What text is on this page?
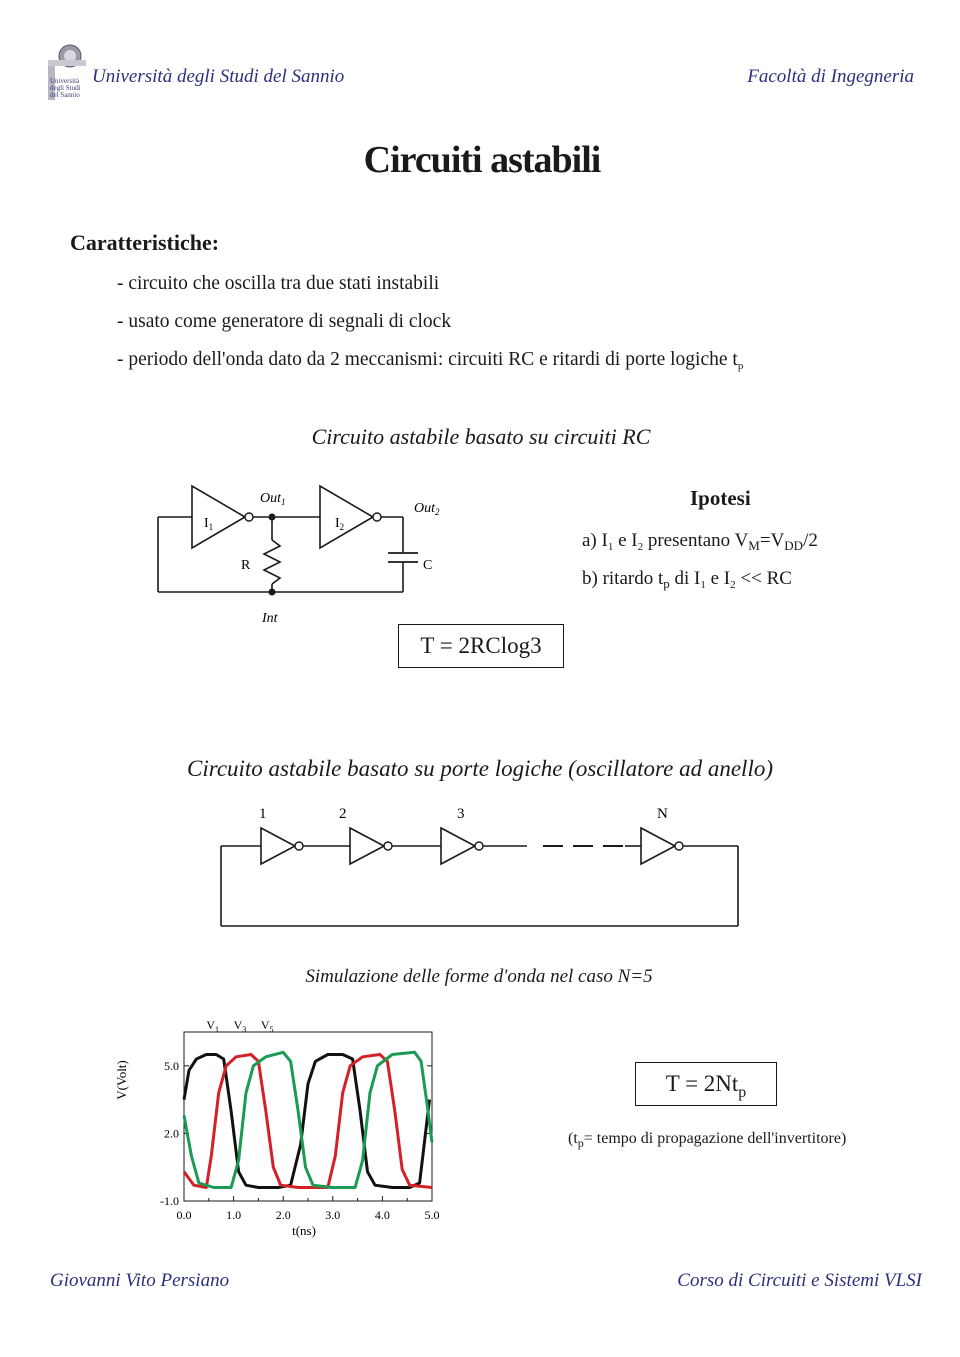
Università
degli Studi
del Sannio
Università degli Studi del Sannio	Facoltà di Ingegneria
Circuiti astabili
Caratteristiche:
- circuito che oscilla tra due stati instabili
- usato come generatore di segnali di clock
- periodo dell'onda dato da 2 meccanismi: circuiti RC e ritardi di porte logiche $t_p$
Circuito astabile basato su circuiti RC
$I_1$
Out$_1$
$I_2$
Out$_2$
R	C
Int
T = 2RClog3
Ipotesi
a) $I_1$ e $I_2$ presentano $V_M=V_{DD}/2$
b) ritardo $t_p$ di $I_1$ e $I_2$ << RC
Circuito astabile basato su porte logiche (oscillatore ad anello)
1	2	3	N
Simulazione delle forme d'onda nel caso N=5
0.0	1.0	2.0	3.0	4.0	5.0
5.0
2.0
-1.0
$V_1$ $V_3$ $V_5$
V(Volt)
t(ns)
$T = 2Nt_p$
($t_p=$ tempo di propagazione dell'invertitore)
Giovanni Vito Persiano	Corso di Circuiti e Sistemi VLSI
